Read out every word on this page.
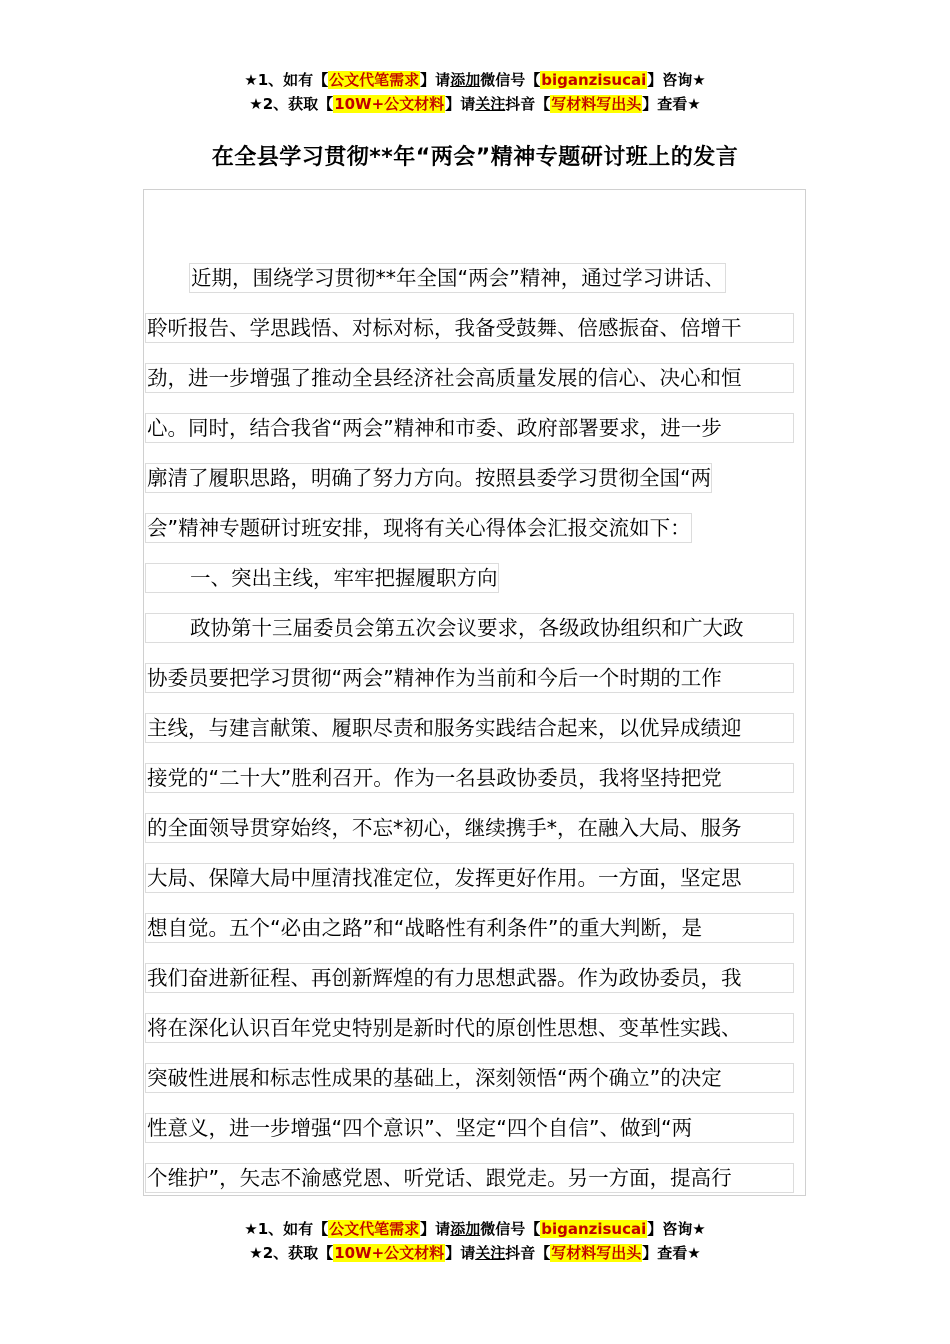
★1、如有【公文代笔需求】请添加微信号【biganzisucai】咨询★
★2、获取【10W+公文材料】请关注抖音【写材料写出头】查看★
在全县学习贯彻**年“两会”精神专题研讨班上的发言
近期，围绕学习贯彻**年全国“两会”精神，通过学习讲话、
聆听报告、学思践悟、对标对标，我备受鼓舞、倍感振奋、倍增干
劲，进一步增强了推动全县经济社会高质量发展的信心、决心和恒
心。同时，结合我省“两会”精神和市委、政府部署要求，进一步
廓清了履职思路，明确了努力方向。按照县委学习贯彻全国“两
会”精神专题研讨班安排，现将有关心得体会汇报交流如下：
一、突出主线，牢牢把握履职方向
政协第十三届委员会第五次会议要求，各级政协组织和广大政
协委员要把学习贯彻“两会”精神作为当前和今后一个时期的工作
主线，与建言献策、履职尽责和服务实践结合起来，以优异成绩迎
接党的“二十大”胜利召开。作为一名县政协委员，我将坚持把党
的全面领导贯穿始终，不忘*初心，继续携手*，在融入大局、服务
大局、保障大局中厘清找准定位，发挥更好作用。一方面，坚定思
想自觉。五个“必由之路”和“战略性有利条件”的重大判断，是
我们奋进新征程、再创新辉煌的有力思想武器。作为政协委员，我
将在深化认识百年党史特别是新时代的原创性思想、变革性实践、
突破性进展和标志性成果的基础上，深刻领悟“两个确立”的决定
性意义，进一步增强“四个意识”、坚定“四个自信”、做到“两
个维护”，矢志不渝感党恩、听党话、跟党走。另一方面，提高行
★1、如有【公文代笔需求】请添加微信号【biganzisucai】咨询★
★2、获取【10W+公文材料】请关注抖音【写材料写出头】查看★
